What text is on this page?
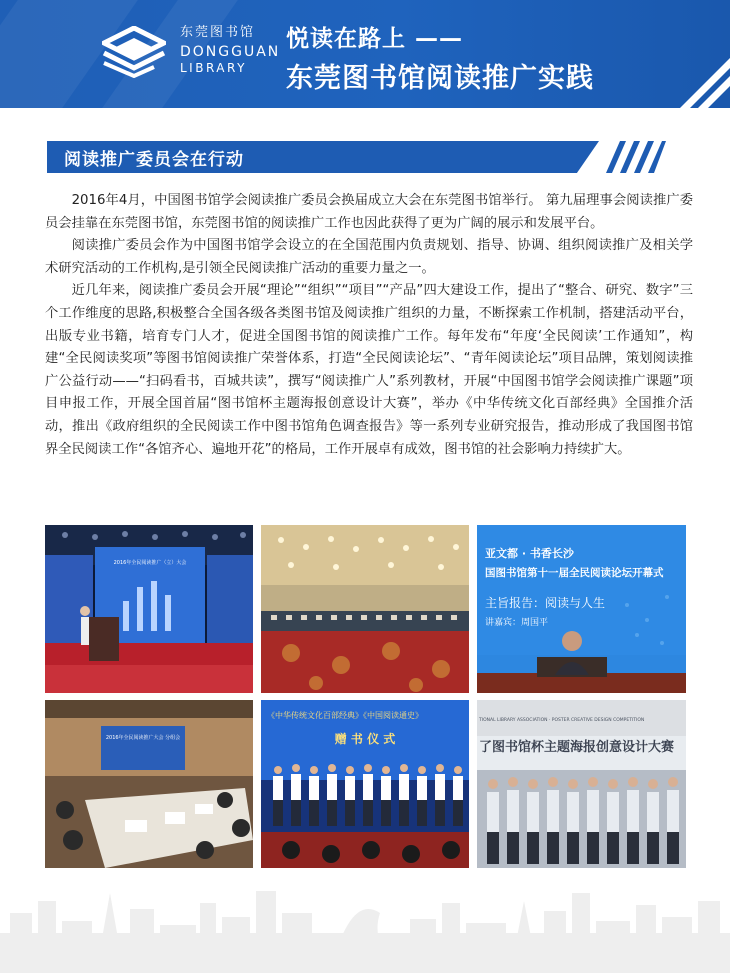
东莞图书馆
DONGGUAN
LIBRARY
悦读在路上 ——
东莞图书馆阅读推广实践
阅读推广委员会在行动

2016年4月，中国图书馆学会阅读推广委员会换届成立大会在东莞图书馆举行。 第九届理事会阅读推广委员会挂靠在东莞图书馆，东莞图书馆的阅读推广工作也因此获得了更为广阔的展示和发展平台。

阅读推广委员会作为中国图书馆学会设立的在全国范围内负责规划、指导、协调、组织阅读推广及相关学术研究活动的工作机构,是引领全民阅读推广活动的重要力量之一。

近几年来，阅读推广委员会开展“理论”“组织”“项目”“产品”四大建设工作，提出了“整合、研究、数字”三个工作维度的思路,积极整合全国各级各类图书馆及阅读推广组织的力量，不断探索工作机制，搭建活动平台，出版专业书籍，培育专门人才，促进全国图书馆的阅读推广工作。每年发布“年度‘全民阅读’工作通知”，构建“全民阅读奖项”等图书馆阅读推广荣誉体系，打造“全民阅读论坛”、“青年阅读论坛”项目品牌，策划阅读推广公益行动——“扫码看书，百城共读”，撰写“阅读推广人”系列教材，开展“中国图书馆学会阅读推广课题”项目申报工作，开展全国首届“图书馆杯主题海报创意设计大赛”，举办《中华传统文化百部经典》全国推介活动，推出《政府组织的全民阅读工作中图书馆角色调查报告》等一系列专业研究报告，推动形成了我国图书馆界全民阅读工作“各馆齐心、遍地开花”的格局，工作开展卓有成效，图书馆的社会影响力持续扩大。

2016年全民阅读推广（立）大会
亚文都 · 书香长沙
国图书馆第十一届全民阅读论坛开幕式
主旨报告：阅读与人生
讲嘉宾：周国平
2016年全民阅读推广大会 分组会
《中华传统文化百部经典》《中国阅读通史》
赠 书 仪 式
TIONAL LIBRARY ASSOCIATION · POSTER CREATIVE DESIGN COMPETITION
了图书馆杯主题海报创意设计大赛
